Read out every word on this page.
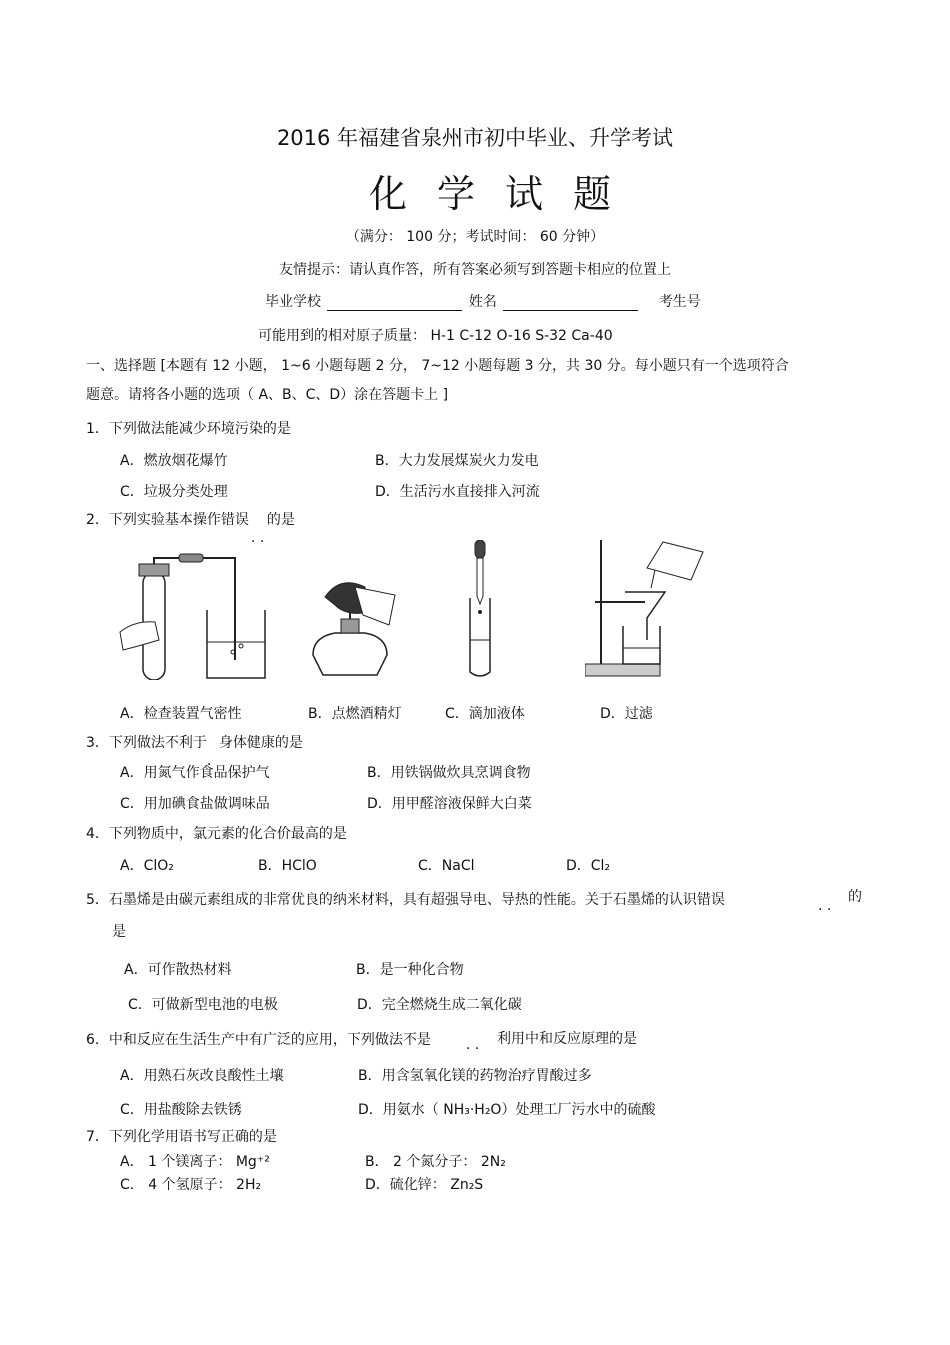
2016 年福建省泉州市初中毕业、升学考试
化学试题
（满分： 100 分；考试时间： 60 分钟）
友情提示：请认真作答，所有答案必须写到答题卡相应的位置上
毕业学校	姓名	考生号
可能用到的相对原子质量： H-1 C-12 O-16 S-32 Ca-40
一、选择题 [本题有 12 小题， 1~6 小题每题 2 分， 7~12 小题每题 3 分，共 30 分。每小题只有一个选项符合
题意。请将各小题的选项（ A、B、C、D）涂在答题卡上 ]
1．下列做法能减少环境污染的是
A．燃放烟花爆竹	B．大力发展煤炭火力发电
C．垃圾分类处理	D．生活污水直接排入河流
2．下列实验基本操作错误
. .
的是
A．检查装置气密性	B．点燃酒精灯	C．滴加液体	D．过滤
3．下列做法不利于
.
身体健康的是
A．用氮气作食品保护气	B．用铁锅做炊具烹调食物
C．用加碘食盐做调味品	D．用甲醛溶液保鲜大白菜
4．下列物质中，氯元素的化合价最高的是
A．ClO₂	B．HClO	C．NaCl	D．Cl₂
5．石墨烯是由碳元素组成的非常优良的纳米材料，具有超强导电、导热的性能。关于石墨烯的认识错误	. .
的
是
A．可作散热材料	B．是一种化合物
C．可做新型电池的电极	D．完全燃烧生成二氧化碳
6．中和反应在生活生产中有广泛的应用，下列做法不是	. . 利用中和反应原理的是
A．用熟石灰改良酸性土壤	B．用含氢氧化镁的药物治疗胃酸过多
C．用盐酸除去铁锈	D．用氨水（ NH₃·H₂O）处理工厂污水中的硫酸
7．下列化学用语书写正确的是
A． 1 个镁离子： Mg⁺²	B． 2 个氮分子： 2N₂
C． 4 个氢原子： 2H₂	D．硫化锌： Zn₂S
